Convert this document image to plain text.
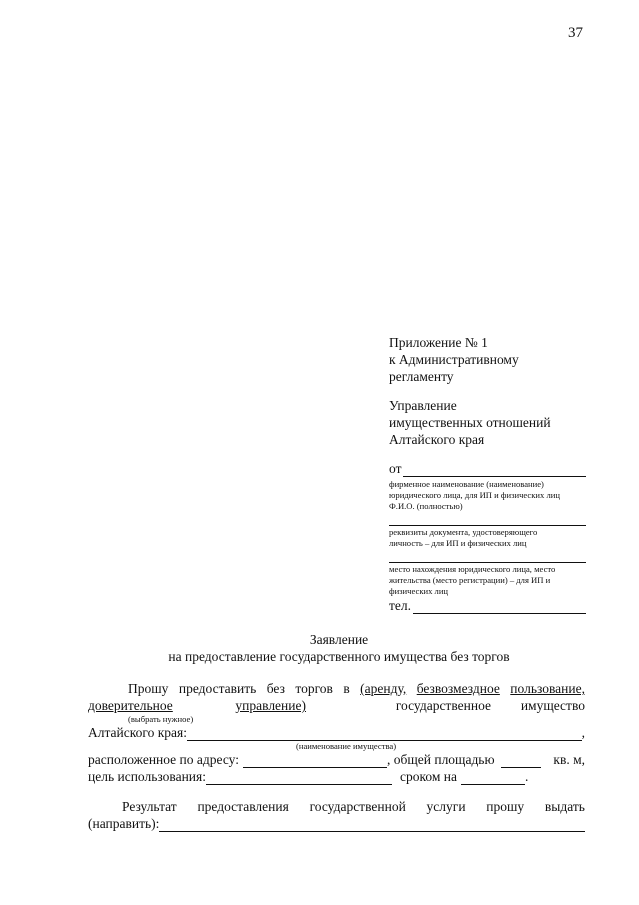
37
Приложение № 1
к Административному
регламенту
Управление
имущественных отношений
Алтайского края
от
фирменное наименование (наименование)
юридического лица, для ИП и физических лиц
Ф.И.О. (полностью)
реквизиты документа, удостоверяющего
личность – для ИП и физических лиц
место нахождения юридического лица, место
жительства (место регистрации) – для ИП и
физических лиц
тел.
Заявление
на предоставление государственного имущества без торгов
Прошу предоставить без торгов в (аренду, безвозмездное пользование,
доверительное	управление)	государственное имущество
(выбрать нужное)
Алтайского края:	,
(наименование имущества)
расположенное по адресу:	, общей площадью	кв. м,
цель использования:	сроком на	.
Результат предоставления государственной услуги прошу выдать
(направить):
